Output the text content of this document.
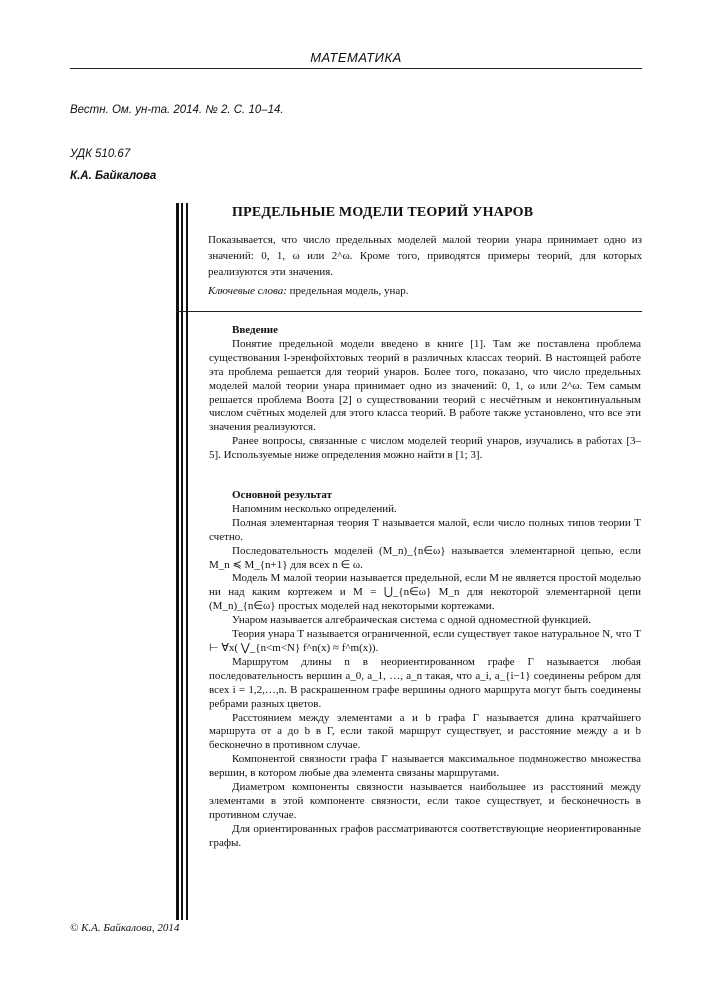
МАТЕМАТИКА
Вестн. Ом. ун-та. 2014. № 2. С. 10–14.
УДК 510.67
К.А. Байкалова
ПРЕДЕЛЬНЫЕ МОДЕЛИ ТЕОРИЙ УНАРОВ
Показывается, что число предельных моделей малой теории унара принимает одно из значений: 0, 1, ω или 2^ω. Кроме того, приводятся примеры теорий, для которых реализуются эти значения.
Ключевые слова: предельная модель, унар.

Введение

Понятие предельной модели введено в книге [1]. Там же поставлена проблема существования l-эренфойхтовых теорий в различных классах теорий. В настоящей работе эта проблема решается для теорий унаров. Более того, показано, что число предельных моделей малой теории унара принимает одно из значений: 0, 1, ω или 2^ω. Тем самым решается проблема Воота [2] о существовании теорий с несчётным и неконтинуальным числом счётных моделей для этого класса теорий. В работе также установлено, что все эти значения реализуются.

Ранее вопросы, связанные с числом моделей теорий унаров, изучались в работах [3–5]. Используемые ниже определения можно найти в [1; 3].

Основной результат

Напомним несколько определений.

Полная элементарная теория T называется малой, если число полных типов теории T счетно.

Последовательность моделей (M_n)_{n∈ω} называется элементарной цепью, если M_n ≼ M_{n+1} для всех n ∈ ω.

Модель M малой теории называется предельной, если M не является простой моделью ни над каким кортежем и M = ⋃_{n∈ω} M_n для некоторой элементарной цепи (M_n)_{n∈ω} простых моделей над некоторыми кортежами.

Унаром называется алгебраическая система с одной одноместной функцией.

Теория унара T называется ограниченной, если существует такое натуральное N, что T ⊢ ∀x( ⋁_{n<m<N} f^n(x) ≈ f^m(x)).

Маршрутом длины n в неориентированном графе Γ называется любая последовательность вершин a_0, a_1, …, a_n такая, что a_i, a_{i−1} соединены ребром для всех i = 1,2,…,n. В раскрашенном графе вершины одного маршрута могут быть соединены ребрами разных цветов.

Расстоянием между элементами a и b графа Γ называется длина кратчайшего маршрута от a до b в Γ, если такой маршрут существует, и расстояние между a и b бесконечно в противном случае.

Компонентой связности графа Γ называется максимальное подмножество множества вершин, в котором любые два элемента связаны маршрутами.

Диаметром компоненты связности называется наибольшее из расстояний между элементами в этой компоненте связности, если такое существует, и бесконечность в противном случае.

Для ориентированных графов рассматриваются соответствующие неориентированные графы.

© К.А. Байкалова, 2014
